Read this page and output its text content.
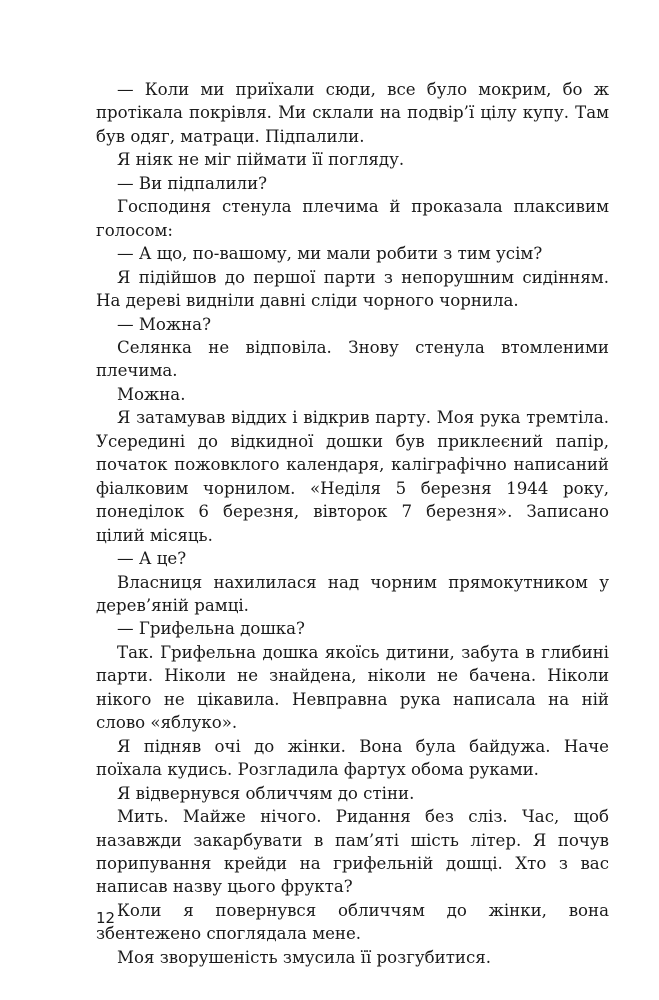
— Коли ми приїхали сюди, все було мокрим, бо ж протікала покрівля. Ми склали на подвір’ї цілу купу. Там був одяг, матраци. Підпалили.

Я ніяк не міг піймати її погляду.

— Ви підпалили?

Господиня стенула плечима й проказала плаксивим голосом:

— А що, по-вашому, ми мали робити з тим усім?

Я підійшов до першої парти з непорушним сидінням. На дереві видніли давні сліди чорного чорнила.

— Можна?

Селянка не відповіла. Знову стенула втомленими плечима.

Можна.

Я затамував віддих і відкрив парту. Моя рука тремтіла. Усередині до відкидної дошки був приклеєний папір, початок пожовклого календаря, каліграфічно написаний фіалковим чорнилом. «Неділя 5 березня 1944 року, понеділок 6 березня, вівторок 7 березня». Записано цілий місяць.

— А це?

Власниця нахилилася над чорним прямокутником у дерев’яній рамці.

— Грифельна дошка?

Так. Грифельна дошка якоїсь дитини, забута в глибині парти. Ніколи не знайдена, ніколи не бачена. Ніколи нікого не цікавила. Невправна рука написала на ній слово «яблуко».

Я підняв очі до жінки. Вона була байдужа. Наче поїхала кудись. Розгладила фартух обома руками.

Я відвернувся обличчям до стіни.

Мить. Майже нічого. Ридання без сліз. Час, щоб назавжди закарбувати в пам’яті шість літер. Я почув порипування крейди на грифельній дошці. Хто з вас написав назву цього фрукта?

Коли я повернувся обличчям до жінки, вона збентежено споглядала мене.

Моя зворушеність змусила її розгубитися.

12
